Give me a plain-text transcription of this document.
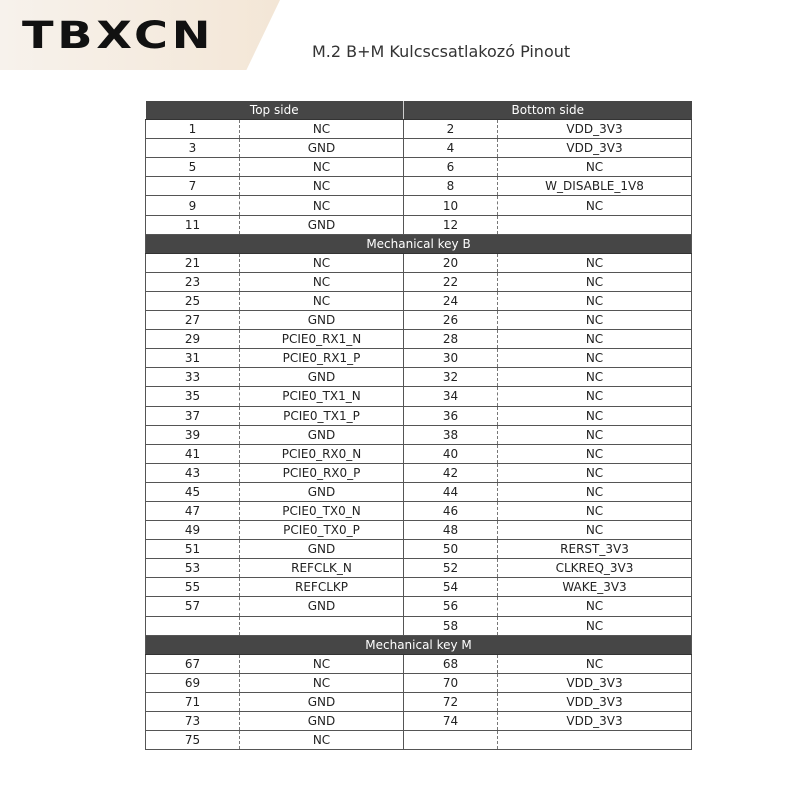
TBXCN	M.2 B+M Kulcscsatlakozó Pinout
Top side		Bottom side	
1	NC	2	VDD_3V3
3	GND	4	VDD_3V3
5	NC	6	NC
7	NC	8	W_DISABLE_1V8
9	NC	10	NC
11	GND	12	
Mechanical key B			
21	NC	20	NC
23	NC	22	NC
25	NC	24	NC
27	GND	26	NC
29	PCIE0_RX1_N	28	NC
31	PCIE0_RX1_P	30	NC
33	GND	32	NC
35	PCIE0_TX1_N	34	NC
37	PCIE0_TX1_P	36	NC
39	GND	38	NC
41	PCIE0_RX0_N	40	NC
43	PCIE0_RX0_P	42	NC
45	GND	44	NC
47	PCIE0_TX0_N	46	NC
49	PCIE0_TX0_P	48	NC
51	GND	50	RERST_3V3
53	REFCLK_N	52	CLKREQ_3V3
55	REFCLKP	54	WAKE_3V3
57	GND	56	NC
		58	NC
Mechanical key M			
67	NC	68	NC
69	NC	70	VDD_3V3
71	GND	72	VDD_3V3
73	GND	74	VDD_3V3
75	NC		
